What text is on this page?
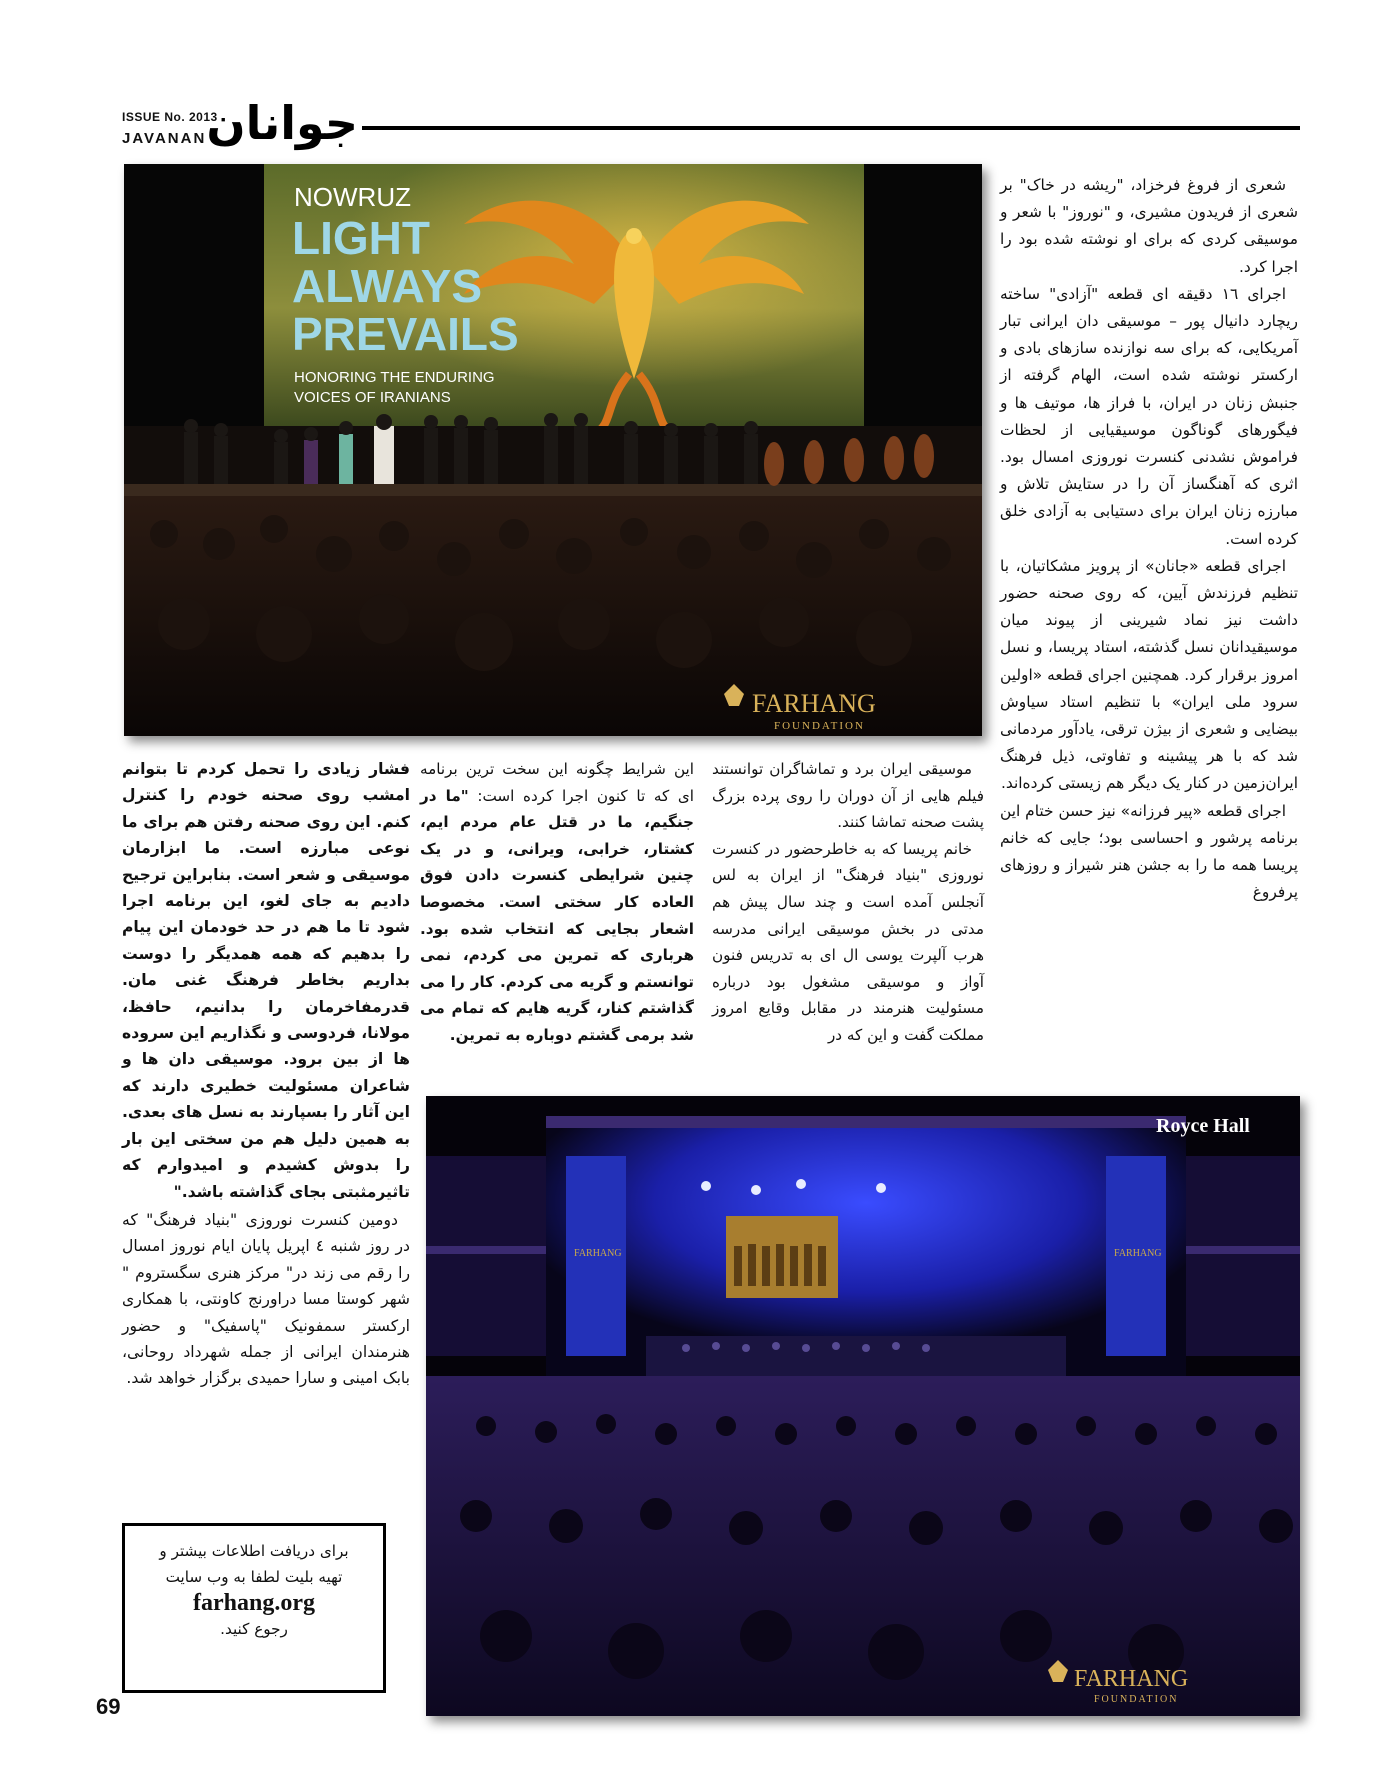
ISSUE No. 2013
JAVANAN جوانان
NOWRUZ
LIGHT
ALWAYS
PREVAILS
HONORING THE ENDURING
VOICES OF IRANIANS
FARHANG
FOUNDATION

شعری از فروغ فرخزاد، "ریشه در خاک" بر شعری از فریدون مشیری، و "نوروز" با شعر و موسیقی کردی که برای او نوشته شده بود را اجرا کرد.

اجرای ١٦ دقیقه ای قطعه "آزادی" ساخته ریچارد دانیال پور – موسیقی دان ایرانی تبار آمریکایی، که برای سه نوازنده سازهای بادی و ارکستر نوشته شده است، الهام گرفته از جنبش زنان در ایران، با فراز ها، موتیف ها و فیگورهای گوناگون موسیقیایی از لحظات فراموش نشدنی کنسرت نوروزی امسال بود. اثری که آهنگساز آن را در ستایش تلاش و مبارزه زنان ایران برای دستیابی به آزادی خلق کرده است.

اجرای قطعه «جانان» از پرویز مشکاتیان، با تنظیم فرزندش آیین، که روی صحنه حضور داشت نیز نماد شیرینی از پیوند میان موسیقیدانان نسل گذشته، استاد پریسا، و نسل امروز برقرار کرد. همچنین اجرای قطعه «اولین سرود ملی ایران» با تنظیم استاد سیاوش بیضایی و شعری از بیژن ترقی، یادآور مردمانی شد که با هر پیشینه و تفاوتی، ذیل فرهنگ ایران‌زمین در کنار یک دیگر هم زیستی کرده‌اند.

اجرای قطعه «پیر فرزانه» نیز حسن ختام این برنامه پرشور و احساسی بود؛ جایی که خانم پریسا همه ما را به جشن هنر شیراز و روزهای پرفروغ

موسیقی ایران برد و تماشاگران توانستند فیلم هایی از آن دوران را روی پرده بزرگ پشت صحنه تماشا کنند.

خانم پریسا که به خاطرحضور در کنسرت نوروزی "بنیاد فرهنگ" از ایران به لس آنجلس آمده است و چند سال پیش هم مدتی در بخش موسیقی ایرانی مدرسه هرب آلپرت یوسی ال ای به تدریس فنون آواز و موسیقی مشغول بود درباره مسئولیت هنرمند در مقابل وقایع امروز مملکت گفت و این که در

این شرایط چگونه این سخت ترین برنامه ای که تا کنون اجرا کرده است: "ما در جنگیم، ما در قتل عام مردم ایم، کشتار، خرابی، ویرانی، و در یک چنین شرایطی کنسرت دادن فوق العاده کار سختی است. مخصوصا اشعار بجایی که انتخاب شده بود. هرباری که تمرین می کردم، نمی توانستم و گریه می کردم. کار را می گذاشتم کنار، گریه هایم که تمام می شد برمی گشتم دوباره به تمرین.

فشار زیادی را تحمل کردم تا بتوانم امشب روی صحنه خودم را کنترل کنم. این روی صحنه رفتن هم برای ما نوعی مبارزه است. ما ابزارمان موسیقی و شعر است. بنابراین ترجیح دادیم به جای لغو، این برنامه اجرا شود تا ما هم در حد خودمان این پیام را بدهیم که همه همدیگر را دوست بداریم بخاطر فرهنگ غنی مان. قدرمفاخرمان را بدانیم، حافظ، مولانا، فردوسی و نگذاریم این سروده ها از بین برود. موسیقی دان ها و شاعران مسئولیت خطیری دارند که این آثار را بسپارند به نسل های بعدی. به همین دلیل هم من سختی این بار را بدوش کشیدم و امیدوارم که تاثیرمثبتی بجای گذاشته باشد."

دومین کنسرت نوروزی "بنیاد فرهنگ" که در روز شنبه ٤ اپریل پایان ایام نوروز امسال را رقم می زند در" مرکز هنری سگستروم " شهر کوستا مسا دراورنج کاونتی، با همکاری ارکستر سمفونیک "پاسفیک" و حضور هنرمندان ایرانی از جمله شهرداد روحانی، بابک امینی و سارا حمیدی برگزار خواهد شد.

FARHANG	FARHANG
Royce Hall
FARHANG
FOUNDATION
برای دریافت اطلاعات بیشتر و
تهیه بلیت لطفا به وب سایت
farhang.org
رجوع کنید.
69
